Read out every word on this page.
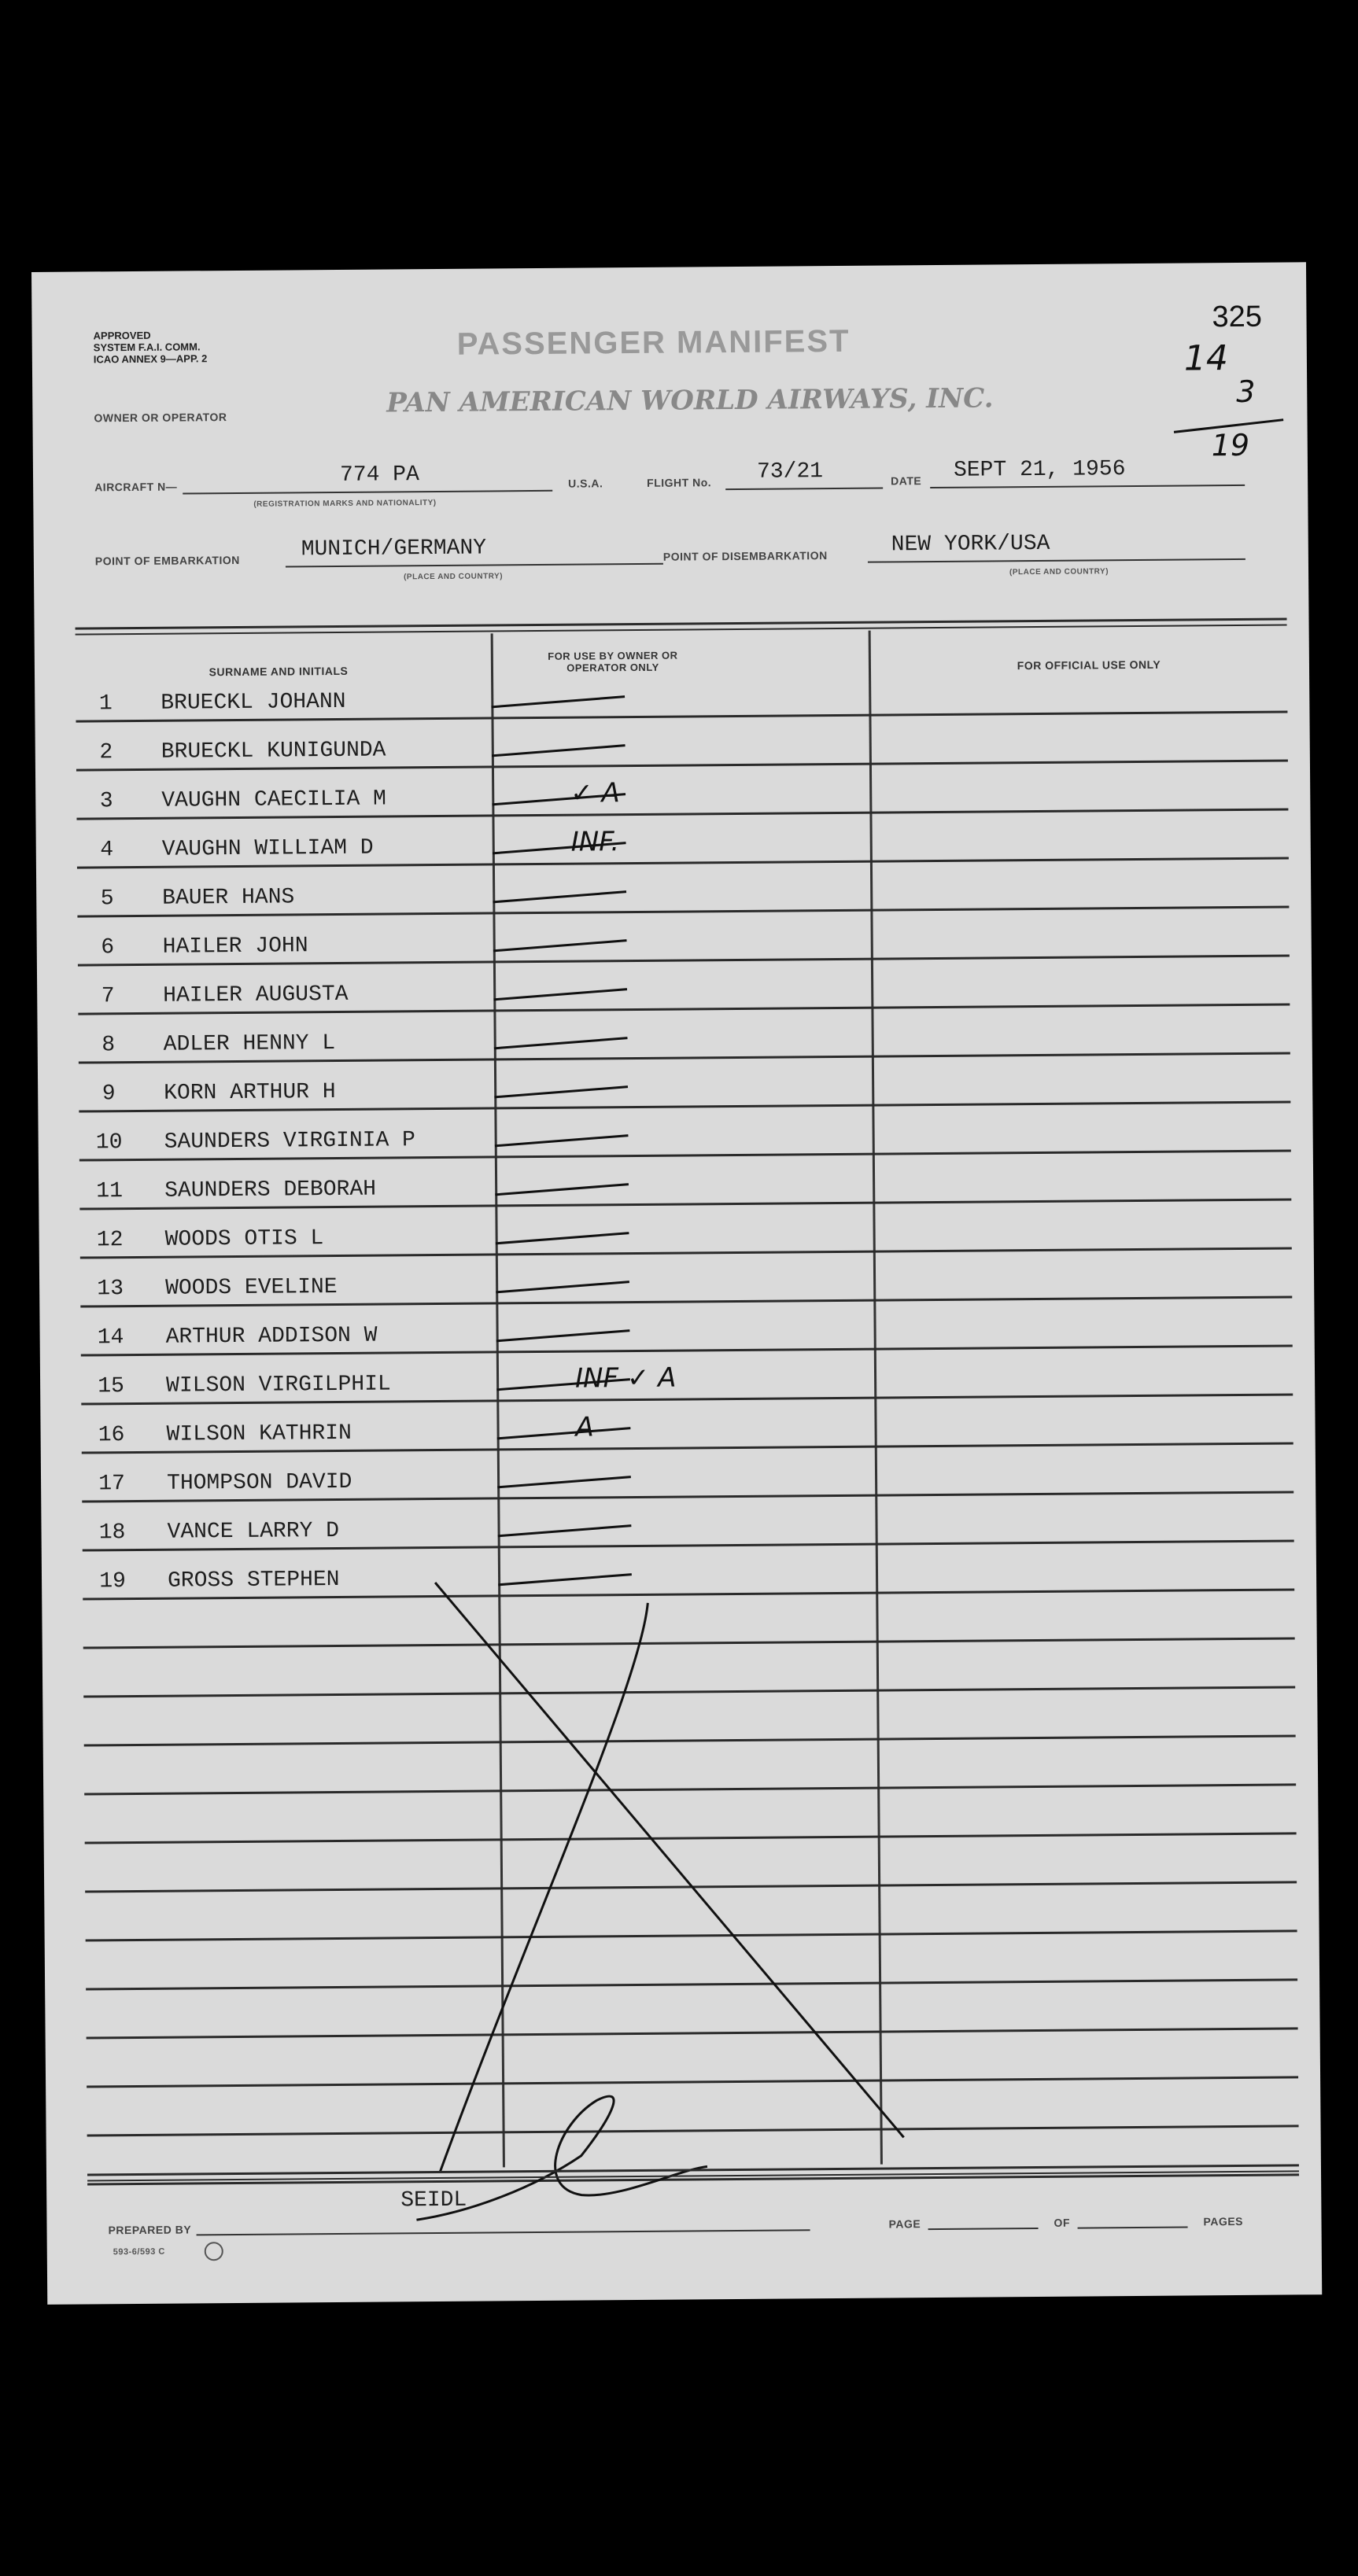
APPROVED
SYSTEM F.A.I. COMM.
ICAO ANNEX 9—APP. 2
325
14
3
19
PASSENGER MANIFEST
OWNER OR OPERATOR	PAN AMERICAN WORLD AIRWAYS, INC.
AIRCRAFT N—	774 PA
(REGISTRATION MARKS AND NATIONALITY)
U.S.A.	FLIGHT No. 73/21	DATE SEPT 21, 1956
POINT OF EMBARKATION	MUNICH/GERMANY
(PLACE AND COUNTRY)
POINT OF DISEMBARKATION	NEW YORK/USA
(PLACE AND COUNTRY)
SURNAME AND INITIALS
FOR USE BY OWNER OR OPERATOR ONLY	FOR OFFICIAL USE ONLY
1	BRUECKL JOHANN
2	BRUECKL KUNIGUNDA
3	VAUGHN CAECILIA M	✓ A
4	VAUGHN WILLIAM D	INF.
5	BAUER HANS
6	HAILER JOHN
7	HAILER AUGUSTA
8	ADLER HENNY L
9	KORN ARTHUR H
10	SAUNDERS VIRGINIA P
11	SAUNDERS DEBORAH
12	WOODS OTIS L
13	WOODS EVELINE
14	ARTHUR ADDISON W
15	WILSON VIRGILPHIL	INF ✓ A
16	WILSON KATHRIN	A
17	THOMPSON DAVID
18	VANCE LARRY D
19	GROSS STEPHEN
SEIDL
PREPARED BY	PAGE	OF	PAGES
593-6/593 C
